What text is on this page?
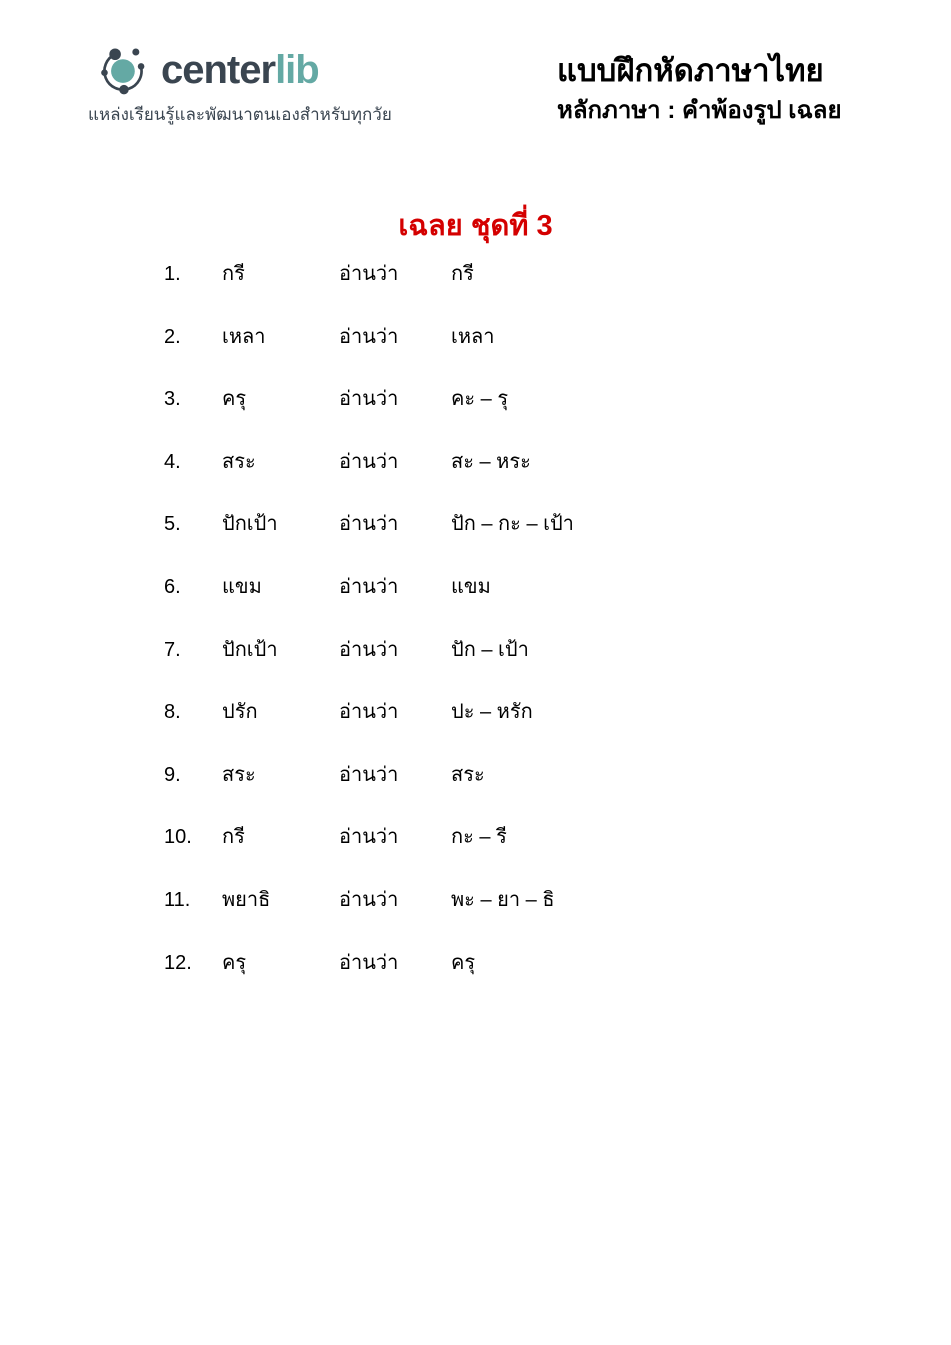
centerlib
แหล่งเรียนรู้และพัฒนาตนเองสำหรับทุกวัย
แบบฝึกหัดภาษาไทย
หลักภาษา : คำพ้องรูป เฉลย
เฉลย ชุดที่ 3
1. กรี	อ่านว่า	กรี
2. เหลา	อ่านว่า	เหลา
3. ครุ	อ่านว่า	คะ – รุ
4. สระ	อ่านว่า	สะ – หระ
5. ปักเป้า	อ่านว่า	ปัก – กะ – เป้า
6. แขม	อ่านว่า	แขม
7. ปักเป้า	อ่านว่า	ปัก – เป้า
8. ปรัก	อ่านว่า	ปะ – หรัก
9. สระ	อ่านว่า	สระ
10. กรี	อ่านว่า	กะ – รี
11. พยาธิ	อ่านว่า	พะ – ยา – ธิ
12. ครุ	อ่านว่า	ครุ
